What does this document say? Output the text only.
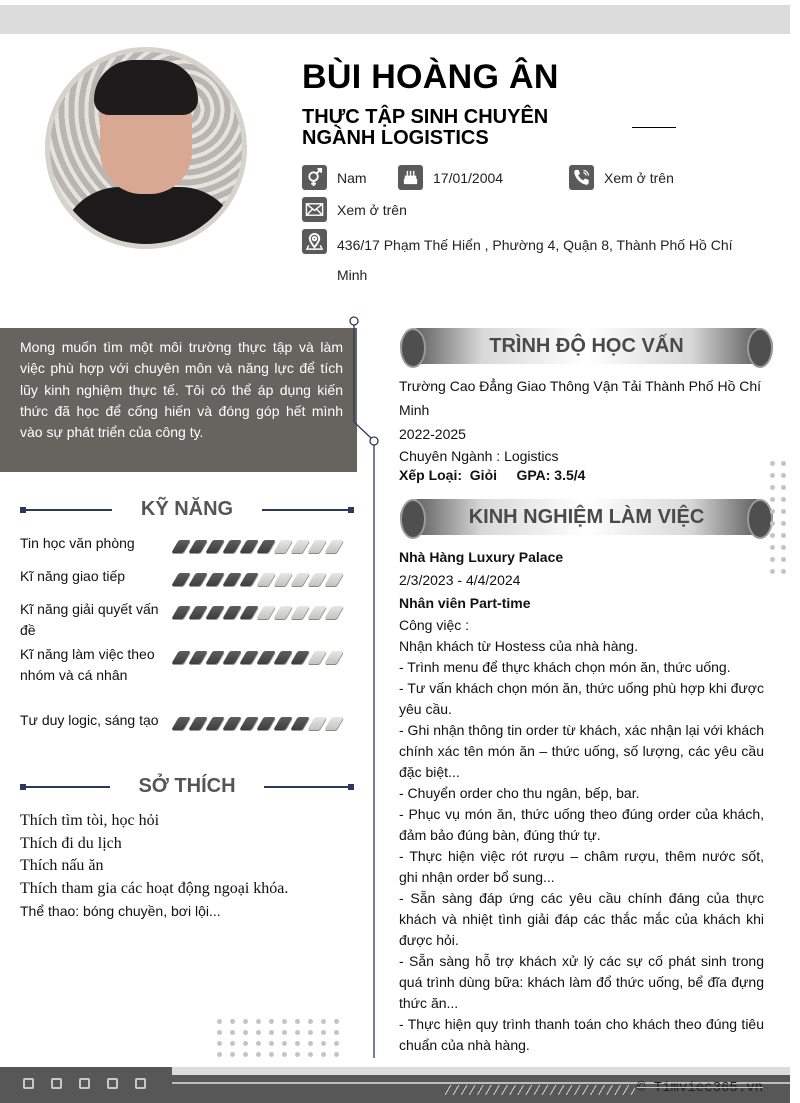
BÙI HOÀNG ÂN
THỰC TẬP SINH CHUYÊN NGÀNH LOGISTICS
Nam	17/01/2004	Xem ở trên
Xem ở trên
436/17 Phạm Thế Hiển , Phường 4, Quận 8, Thành Phố Hồ Chí Minh
Mong muốn tìm một môi trường thực tập và làm việc phù hợp với chuyên môn và năng lực để tích lũy kinh nghiệm thực tế. Tôi có thể áp dụng kiến thức đã học để cống hiến và đóng góp hết mình vào sự phát triển của công ty.
KỸ NĂNG
Tin học văn phòng
Kĩ năng giao tiếp
Kĩ năng giải quyết vấn đề
Kĩ năng làm việc theo nhóm và cá nhân
Tư duy logic, sáng tạo
SỞ THÍCH
Thích tìm tòi, học hỏi
Thích đi du lịch
Thích nấu ăn
Thích tham gia các hoạt động ngoại khóa.
Thể thao: bóng chuyền, bơi lội...
TRÌNH ĐỘ HỌC VẤN
Trường Cao Đẳng Giao Thông Vận Tải Thành Phố Hồ Chí Minh
2022-2025
Chuyên Ngành : Logistics
Xếp Loại:  Giỏi     GPA: 3.5/4
KINH NGHIỆM LÀM VIỆC
Nhà Hàng Luxury Palace
2/3/2023 - 4/4/2024
Nhân viên Part-time
Công việc :
Nhận khách từ Hostess của nhà hàng.

- Trình menu để thực khách chọn món ăn, thức uống.

- Tư vấn khách chọn món ăn, thức uống phù hợp khi được yêu cầu.

- Ghi nhận thông tin order từ khách, xác nhận lại với khách chính xác tên món ăn – thức uống, số lượng, các yêu cầu đặc biệt...

- Chuyển order cho thu ngân, bếp, bar.

- Phục vụ món ăn, thức uống theo đúng order của khách, đảm bảo đúng bàn, đúng thứ tự.

- Thực hiện việc rót rượu – châm rượu, thêm nước sốt, ghi nhận order bổ sung...

- Sẵn sàng đáp ứng các yêu cầu chính đáng của thực khách và nhiệt tình giải đáp các thắc mắc của khách khi được hỏi.

- Sẵn sàng hỗ trợ khách xử lý các sự cố phát sinh trong quá trình dùng bữa: khách làm đổ thức uống, bể đĩa đựng thức ăn...

- Thực hiện quy trình thanh toán cho khách theo đúng tiêu chuẩn của nhà hàng.

© Timviec365.vn
